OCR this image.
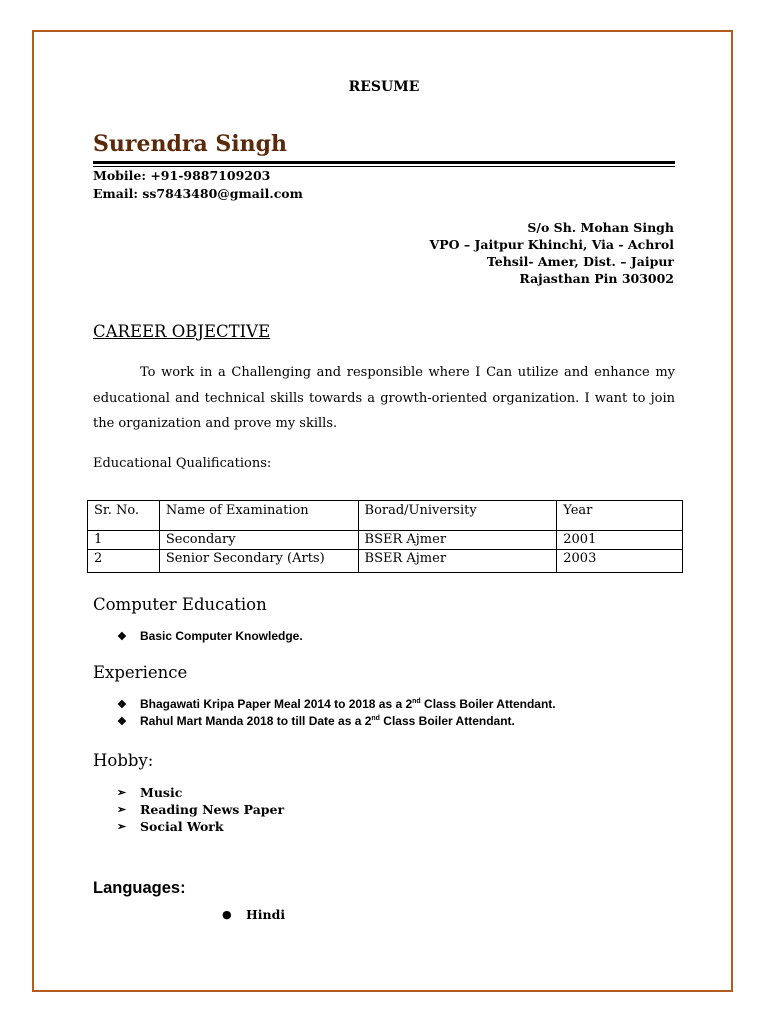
RESUME
Surendra Singh
Mobile: +91-9887109203
Email: ss7843480@gmail.com
S/o Sh. Mohan Singh
VPO – Jaitpur Khinchi, Via - Achrol
Tehsil- Amer, Dist. – Jaipur
Rajasthan Pin 303002
CAREER OBJECTIVE
To work in a Challenging and responsible where I Can utilize and enhance my educational and technical skills towards a growth-oriented organization. I want to join the organization and prove my skills.
Educational Qualifications:
Sr. No.	Name of Examination	Borad/University	Year
1	Secondary	BSER Ajmer	2001
2	Senior Secondary (Arts)	BSER Ajmer	2003
Computer Education
❖	Basic Computer Knowledge.
Experience
❖	Bhagawati Kripa Paper Meal 2014 to 2018 as a 2nd Class Boiler Attendant.
❖	Rahul Mart Manda 2018 to till Date as a 2nd Class Boiler Attendant.
Hobby:
➢	Music
➢	Reading News Paper
➢	Social Work
Languages:
●	Hindi
